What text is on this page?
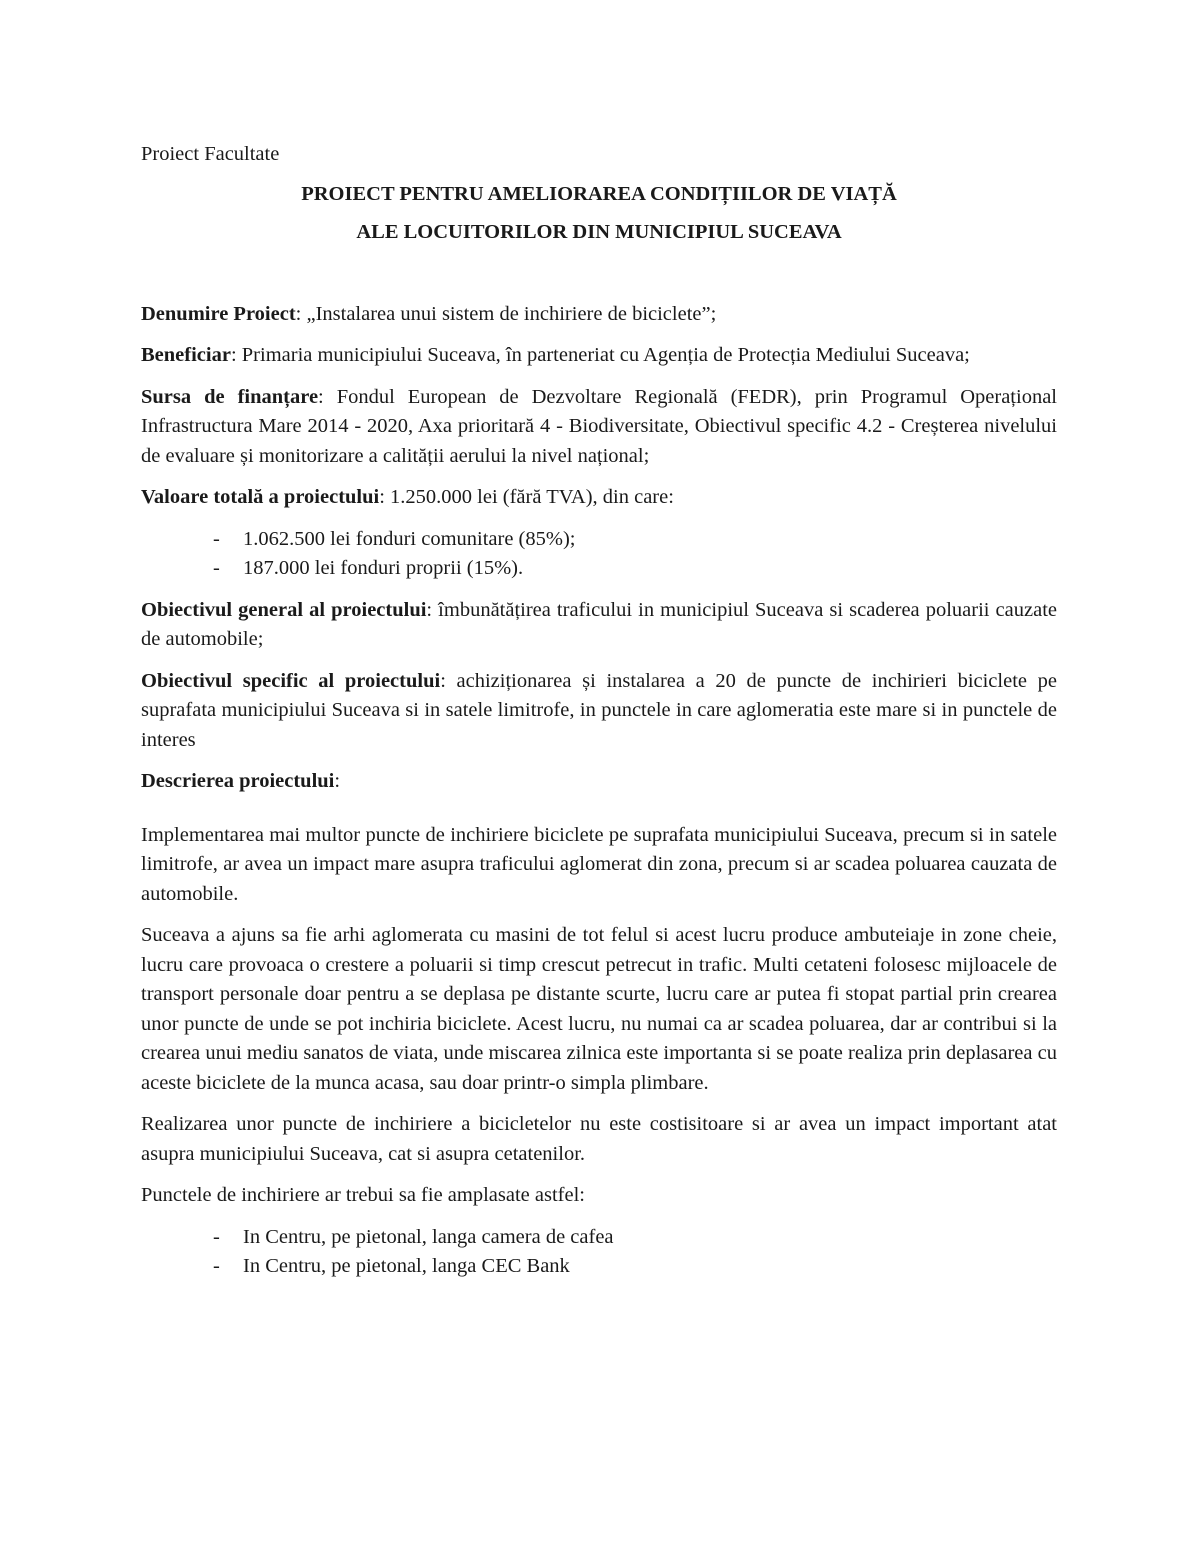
Proiect Facultate
PROIECT PENTRU AMELIORAREA CONDIȚIILOR DE VIAȚĂ
ALE LOCUITORILOR DIN MUNICIPIUL SUCEAVA

Denumire Proiect: „Instalarea unui sistem de inchiriere de biciclete”;

Beneficiar: Primaria municipiului Suceava, în parteneriat cu Agenția de Protecția Mediului Suceava;

Sursa de finanțare: Fondul European de Dezvoltare Regională (FEDR), prin Programul Operațional Infrastructura Mare 2014 - 2020, Axa prioritară 4 - Biodiversitate, Obiectivul specific 4.2 - Creșterea nivelului de evaluare și monitorizare a calității aerului la nivel național;

Valoare totală a proiectului: 1.250.000 lei (fără TVA), din care:

- 1.062.500 lei fonduri comunitare (85%);
- 187.000 lei fonduri proprii (15%).

Obiectivul general al proiectului: îmbunătățirea traficului in municipiul Suceava si scaderea poluarii cauzate de automobile;

Obiectivul specific al proiectului: achiziționarea și instalarea a 20 de puncte de inchirieri biciclete pe suprafata municipiului Suceava si in satele limitrofe, in punctele in care aglomeratia este mare si in punctele de interes

Descrierea proiectului:

Implementarea mai multor puncte de inchiriere biciclete pe suprafata municipiului Suceava, precum si in satele limitrofe, ar avea un impact mare asupra traficului aglomerat din zona, precum si ar scadea poluarea cauzata de automobile.

Suceava a ajuns sa fie arhi aglomerata cu masini de tot felul si acest lucru produce ambuteiaje in zone cheie, lucru care provoaca o crestere a poluarii si timp crescut petrecut in trafic. Multi cetateni folosesc mijloacele de transport personale doar pentru a se deplasa pe distante scurte, lucru care ar putea fi stopat partial prin crearea unor puncte de unde se pot inchiria biciclete. Acest lucru, nu numai ca ar scadea poluarea, dar ar contribui si la crearea unui mediu sanatos de viata, unde miscarea zilnica este importanta si se poate realiza prin deplasarea cu aceste biciclete de la munca acasa, sau doar printr-o simpla plimbare.

Realizarea unor puncte de inchiriere a bicicletelor nu este costisitoare si ar avea un impact important atat asupra municipiului Suceava, cat si asupra cetatenilor.

Punctele de inchiriere ar trebui sa fie amplasate astfel:

- In Centru, pe pietonal, langa camera de cafea
- In Centru, pe pietonal, langa CEC Bank
